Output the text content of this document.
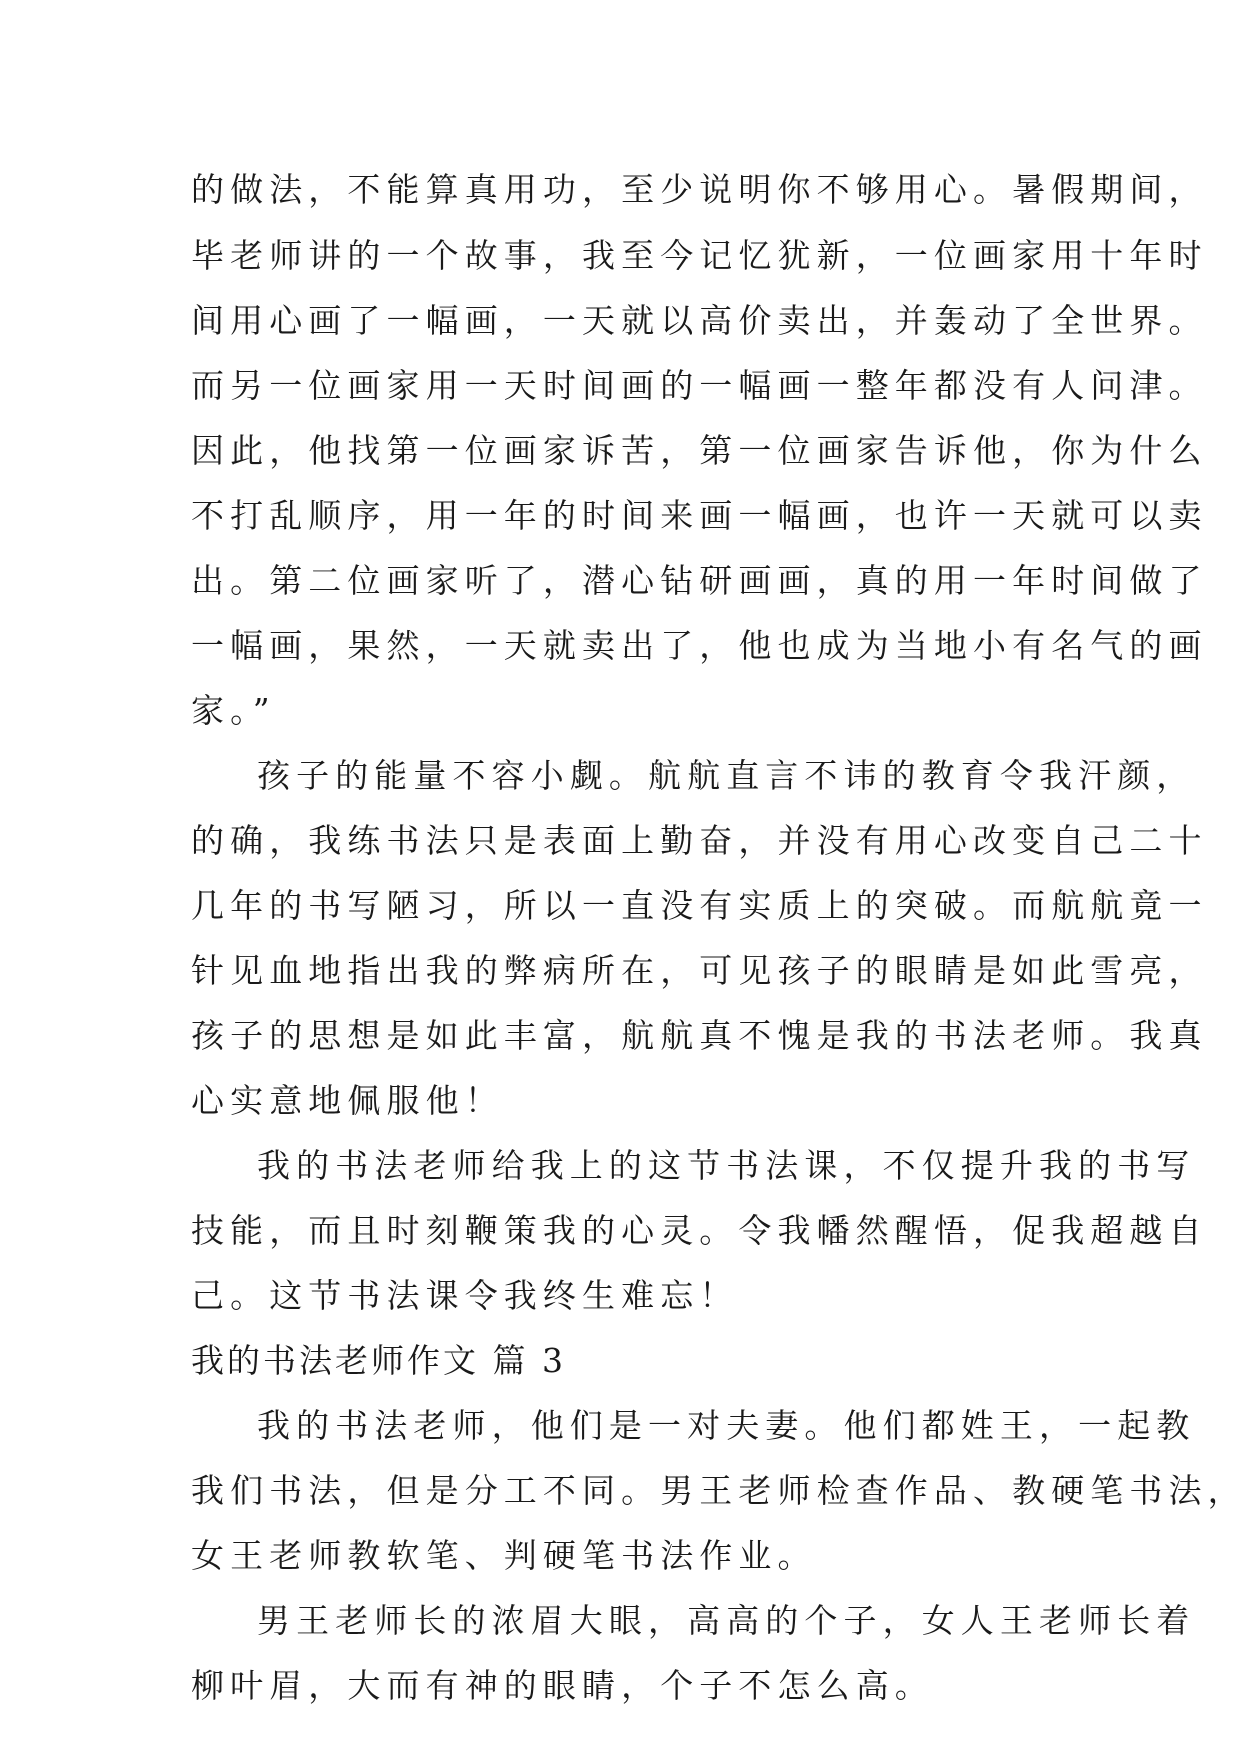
的做法，不能算真用功，至少说明你不够用心。暑假期间，
毕老师讲的一个故事，我至今记忆犹新，一位画家用十年时
间用心画了一幅画，一天就以高价卖出，并轰动了全世界。
而另一位画家用一天时间画的一幅画一整年都没有人问津。
因此，他找第一位画家诉苦，第一位画家告诉他，你为什么
不打乱顺序，用一年的时间来画一幅画，也许一天就可以卖
出。第二位画家听了，潜心钻研画画，真的用一年时间做了
一幅画，果然，一天就卖出了，他也成为当地小有名气的画
家。”
孩子的能量不容小觑。航航直言不讳的教育令我汗颜，
的确，我练书法只是表面上勤奋，并没有用心改变自己二十
几年的书写陋习，所以一直没有实质上的突破。而航航竟一
针见血地指出我的弊病所在，可见孩子的眼睛是如此雪亮，
孩子的思想是如此丰富，航航真不愧是我的书法老师。我真
心实意地佩服他！
我的书法老师给我上的这节书法课，不仅提升我的书写
技能，而且时刻鞭策我的心灵。令我幡然醒悟，促我超越自
己。这节书法课令我终生难忘！
我的书法老师作文 篇 3
我的书法老师，他们是一对夫妻。他们都姓王，一起教
我们书法，但是分工不同。男王老师检查作品、教硬笔书法，
女王老师教软笔、判硬笔书法作业。
男王老师长的浓眉大眼，高高的个子，女人王老师长着
柳叶眉，大而有神的眼睛，个子不怎么高。
